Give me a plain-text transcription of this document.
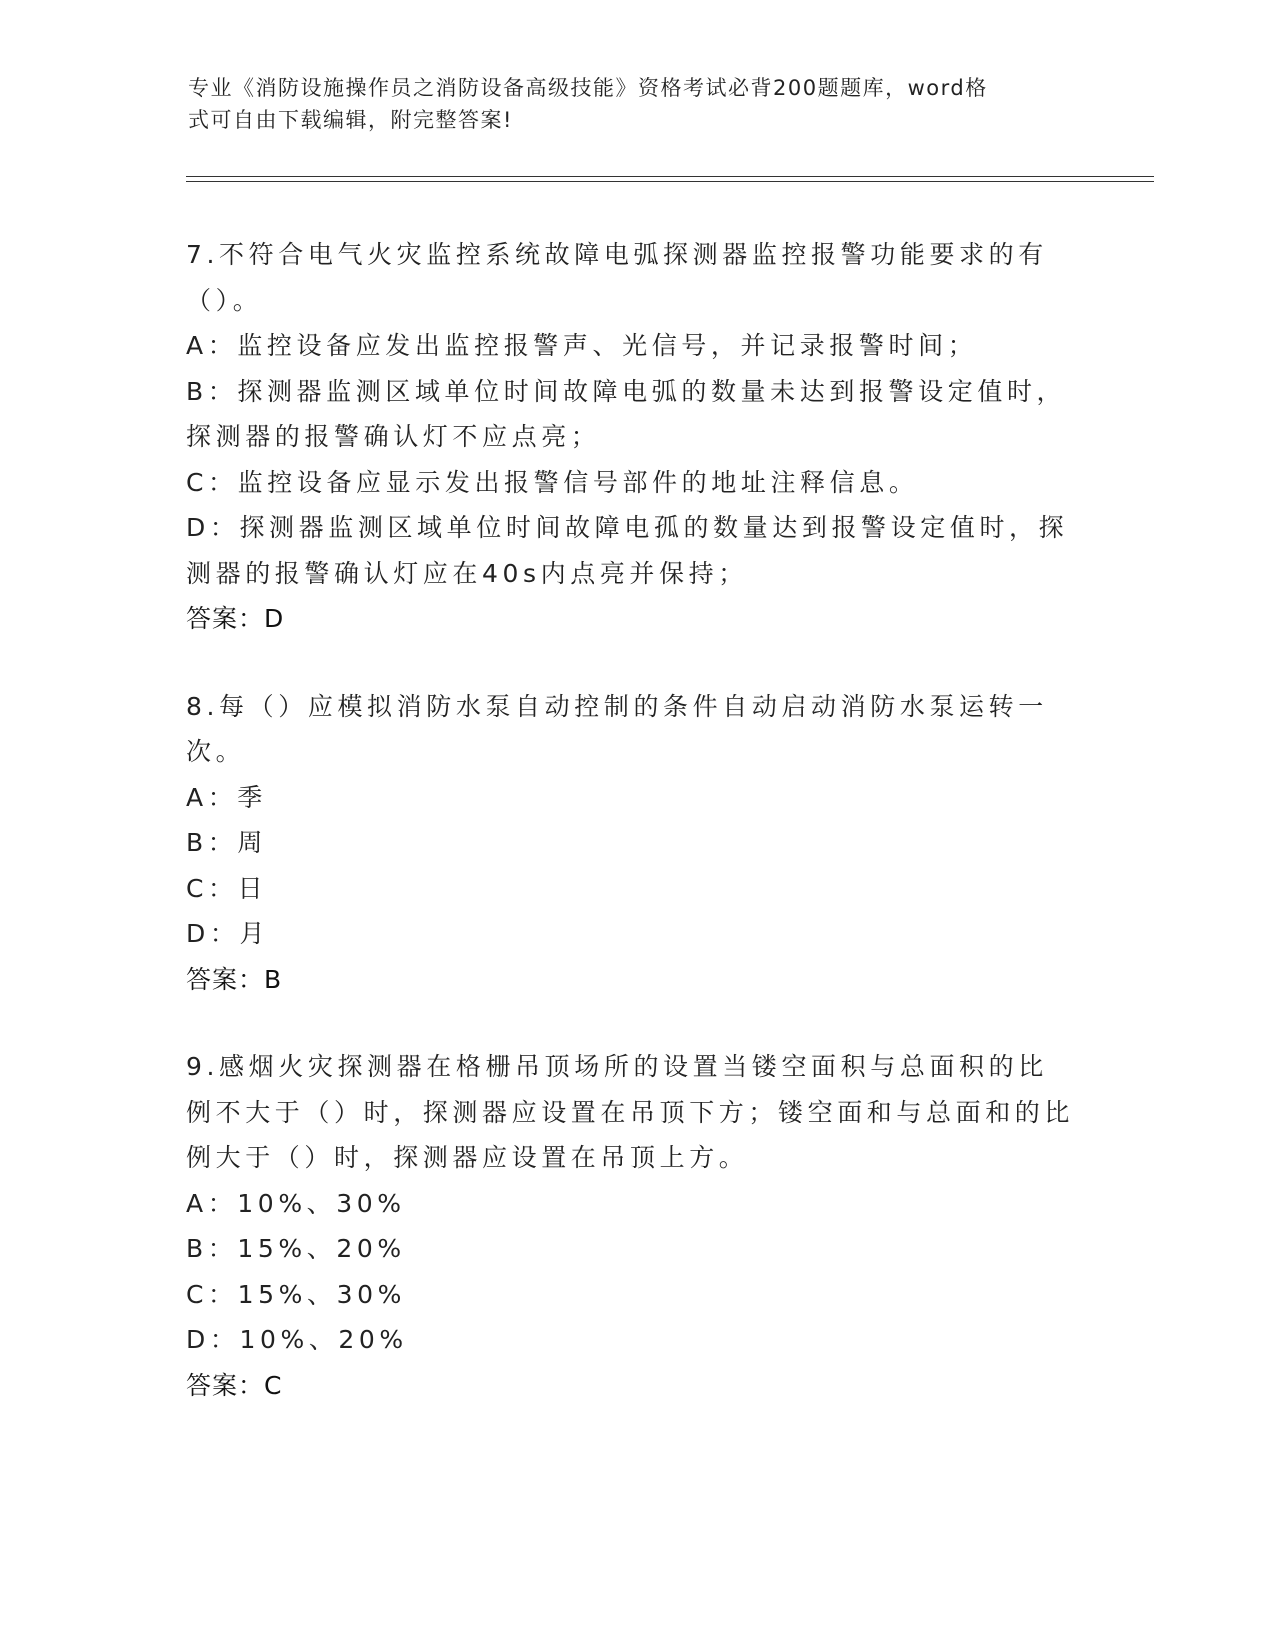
专业《消防设施操作员之消防设备高级技能》资格考试必背200题题库，word格
式可自由下载编辑，附完整答案!
7.不符合电气火灾监控系统故障电弧探测器监控报警功能要求的有（）。
A：监控设备应发出监控报警声、光信号，并记录报警时间；
B：探测器监测区域单位时间故障电弧的数量未达到报警设定值时，探测器的报警确认灯不应点亮；
C：监控设备应显示发出报警信号部件的地址注释信息。
D：探测器监测区域单位时间故障电孤的数量达到报警设定值时，探测器的报警确认灯应在40s内点亮并保持；
答案：D
8.每（）应模拟消防水泵自动控制的条件自动启动消防水泵运转一次。
A：季
B：周
C：日
D：月
答案：B
9.感烟火灾探测器在格栅吊顶场所的设置当镂空面积与总面积的比例不大于（）时，探测器应设置在吊顶下方；镂空面和与总面和的比例大于（）时，探测器应设置在吊顶上方。
A：10%、30%
B：15%、20%
C：15%、30%
D：10%、20%
答案：C
